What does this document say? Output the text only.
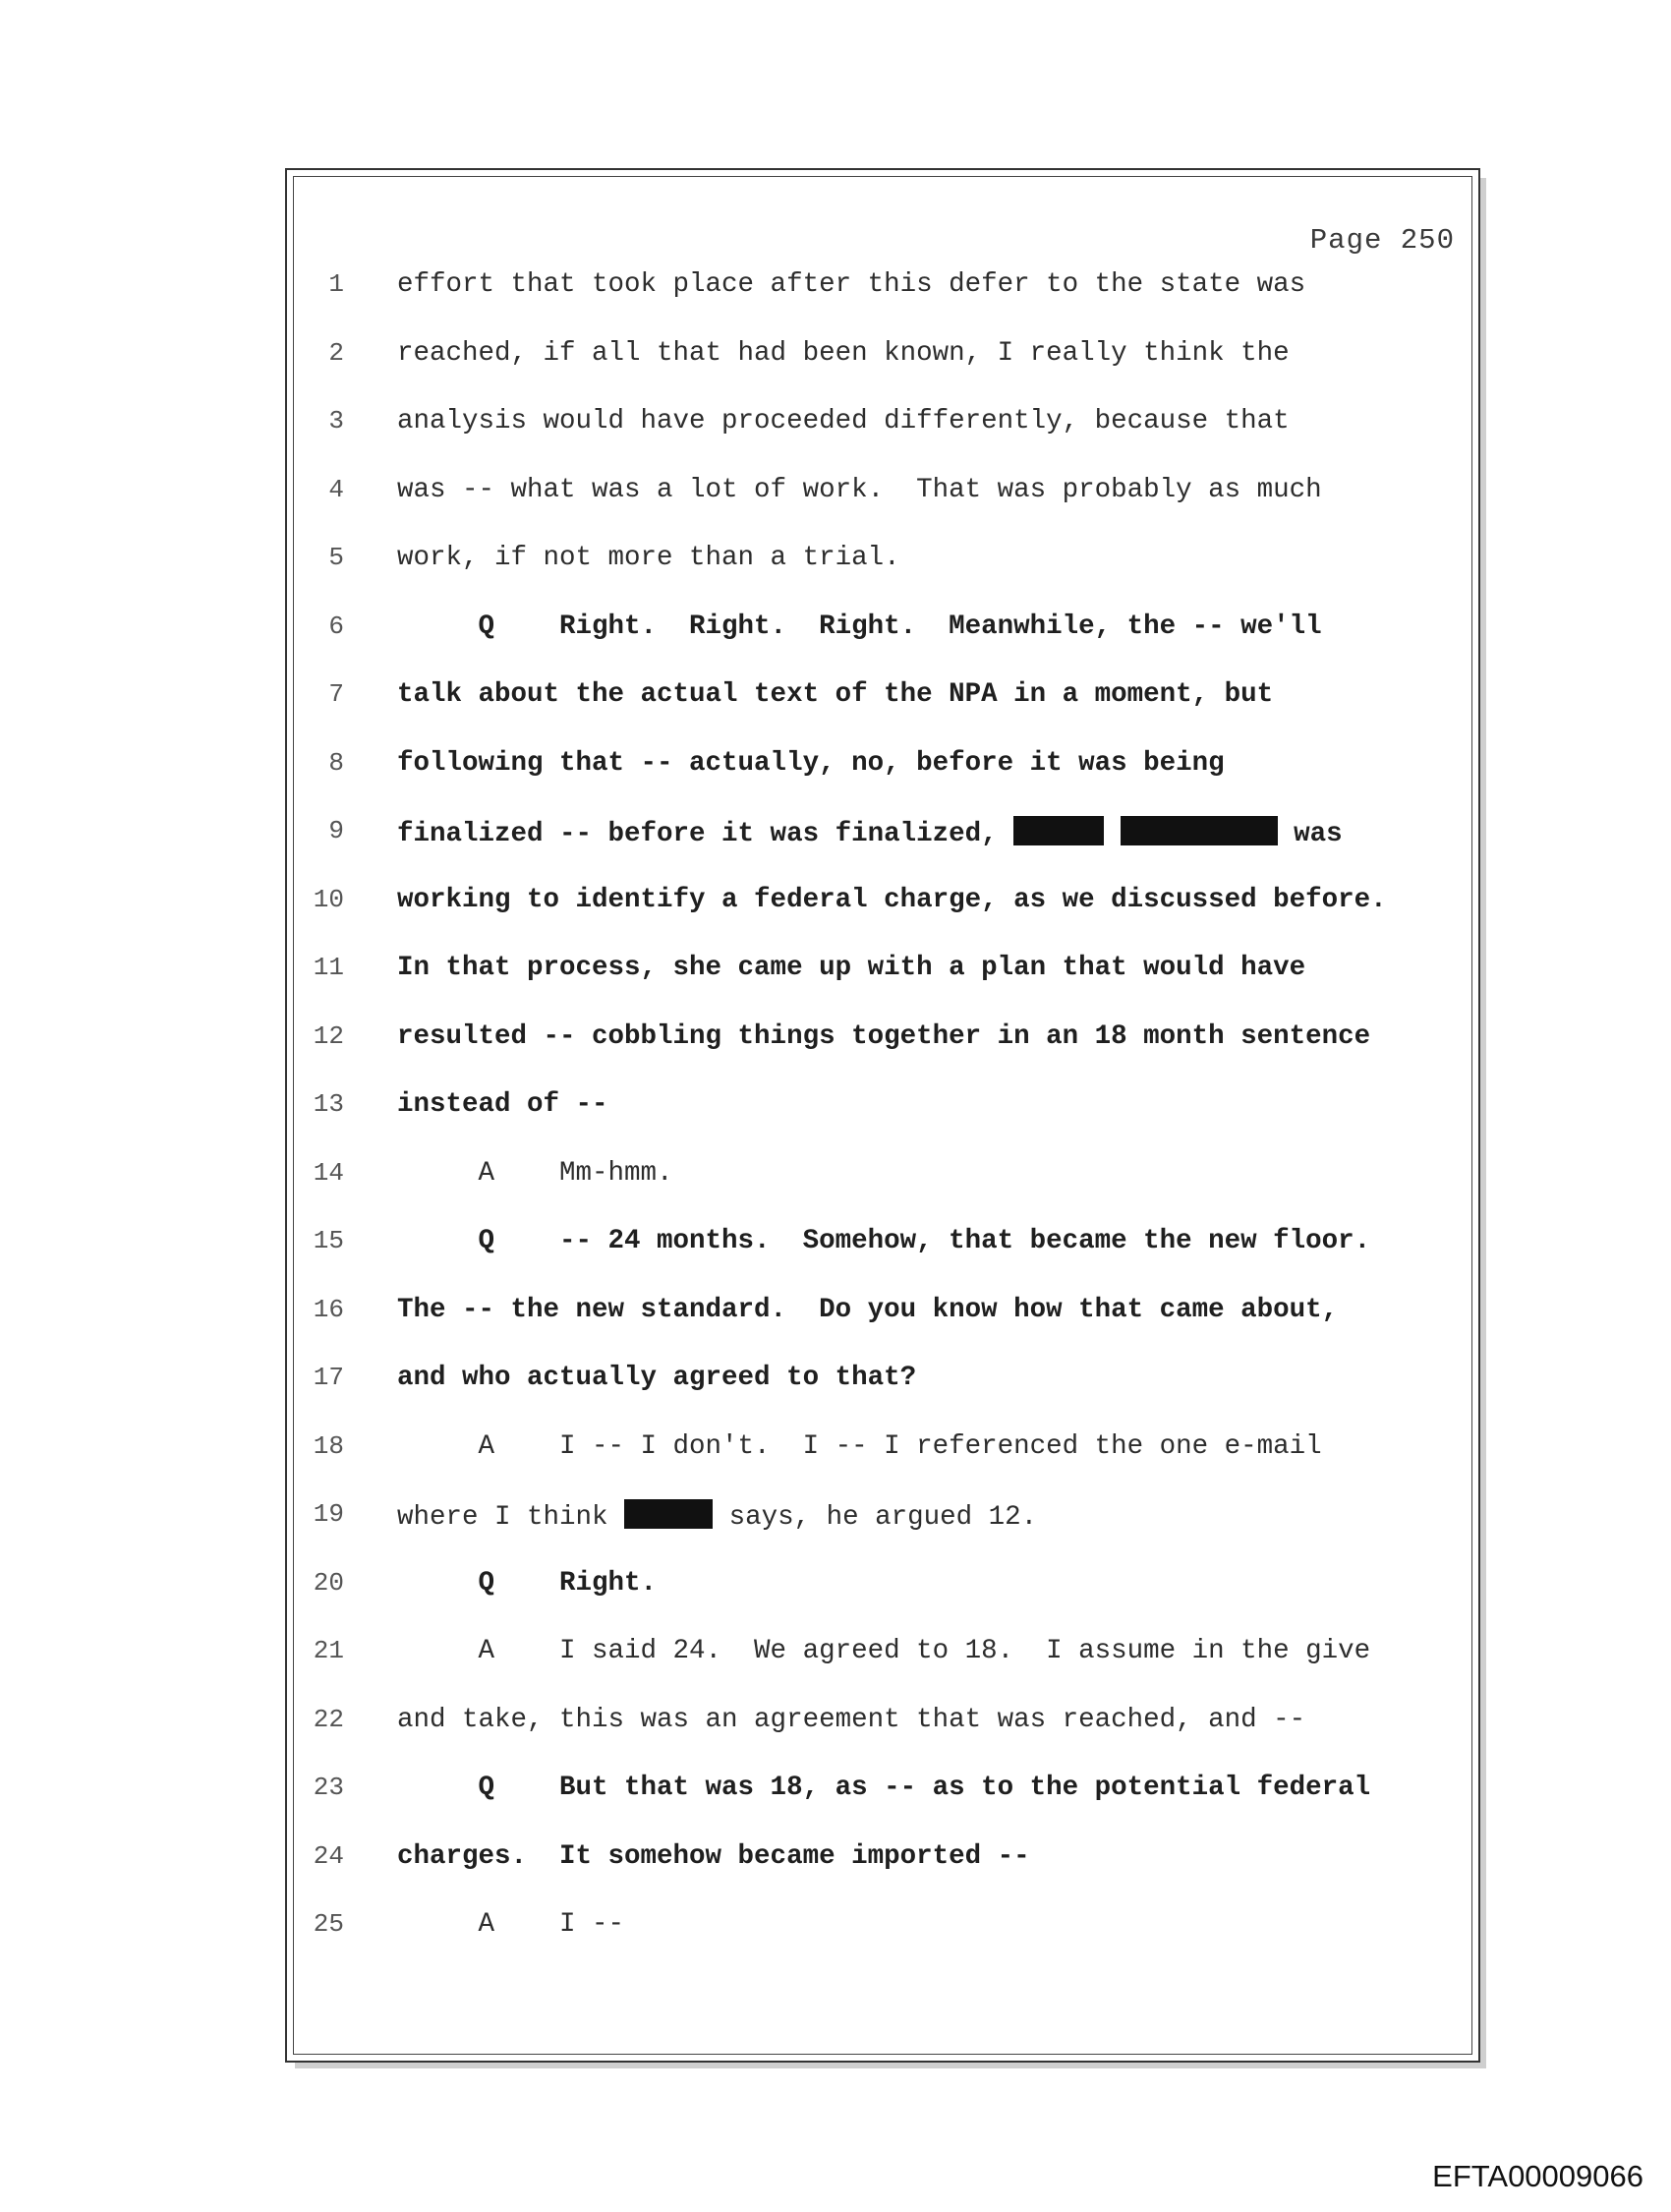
Page 250
1 effort that took place after this defer to the state was
2 reached, if all that had been known, I really think the
3 analysis would have proceeded differently, because that
4 was -- what was a lot of work.  That was probably as much
5 work, if not more than a trial.
6 Q    Right.  Right.  Right.  Meanwhile, the -- we'll
7 talk about the actual text of the NPA in a moment, but
8 following that -- actually, no, before it was being
9 finalized -- before it was finalized,	was
10 working to identify a federal charge, as we discussed before.
11 In that process, she came up with a plan that would have
12 resulted -- cobbling things together in an 18 month sentence
13 instead of --
14 A    Mm-hmm.
15 Q    -- 24 months.  Somehow, that became the new floor.
16 The -- the new standard.  Do you know how that came about,
17 and who actually agreed to that?
18 A    I -- I don't.  I -- I referenced the one e-mail
19 where I think	says, he argued 12.
20 Q    Right.
21 A    I said 24.  We agreed to 18.  I assume in the give
22 and take, this was an agreement that was reached, and --
23 Q    But that was 18, as -- as to the potential federal
24 charges.  It somehow became imported --
25 A    I --
EFTA00009066
